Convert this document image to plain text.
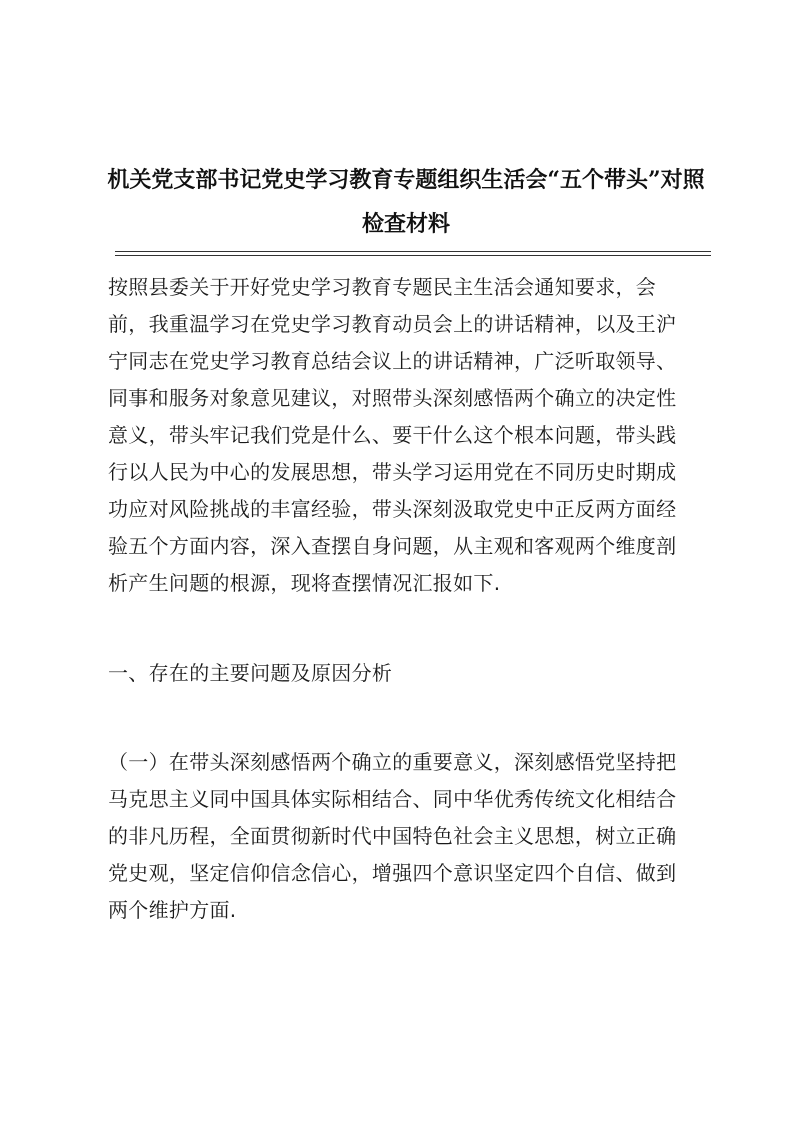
机关党支部书记党史学习教育专题组织生活会“五个带头”对照
检查材料
按照县委关于开好党史学习教育专题民主生活会通知要求，会
前，我重温学习在党史学习教育动员会上的讲话精神，以及王沪
宁同志在党史学习教育总结会议上的讲话精神，广泛听取领导、
同事和服务对象意见建议，对照带头深刻感悟两个确立的决定性
意义，带头牢记我们党是什么、要干什么这个根本问题，带头践
行以人民为中心的发展思想，带头学习运用党在不同历史时期成
功应对风险挑战的丰富经验，带头深刻汲取党史中正反两方面经
验五个方面内容，深入查摆自身问题，从主观和客观两个维度剖
析产生问题的根源，现将查摆情况汇报如下.
一、存在的主要问题及原因分析
（一）在带头深刻感悟两个确立的重要意义，深刻感悟党坚持把
马克思主义同中国具体实际相结合、同中华优秀传统文化相结合
的非凡历程，全面贯彻新时代中国特色社会主义思想，树立正确
党史观，坚定信仰信念信心，增强四个意识坚定四个自信、做到
两个维护方面.
